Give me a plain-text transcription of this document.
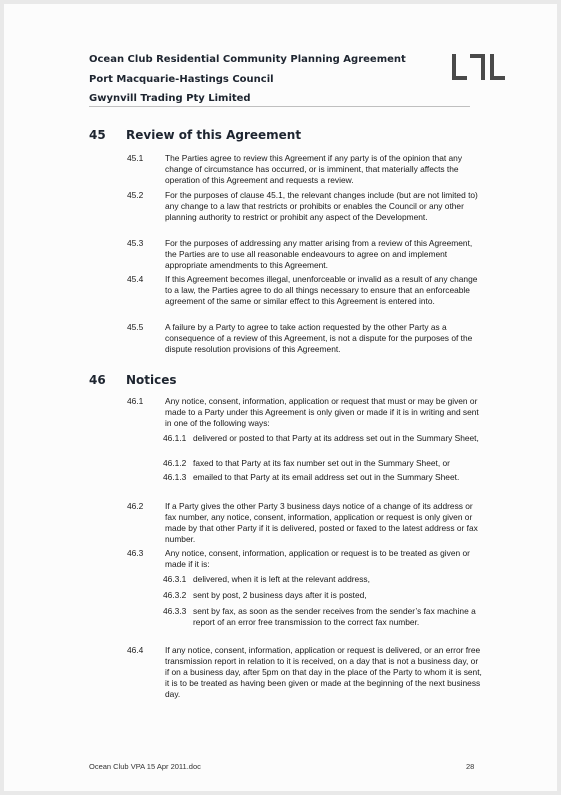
Ocean Club Residential Community Planning Agreement
Port Macquarie-Hastings Council
Gwynvill Trading Pty Limited
45 Review of this Agreement
45.1	The Parties agree to review this Agreement if any party is of the opinion that any change of circumstance has occurred, or is imminent, that materially affects the operation of this Agreement and requests a review.
45.2	For the purposes of clause 45.1, the relevant changes include (but are not limited to) any change to a law that restricts or prohibits or enables the Council or any other planning authority to restrict or prohibit any aspect of the Development.
45.3	For the purposes of addressing any matter arising from a review of this Agreement, the Parties are to use all reasonable endeavours to agree on and implement appropriate amendments to this Agreement.
45.4	If this Agreement becomes illegal, unenforceable or invalid as a result of any change to a law, the Parties agree to do all things necessary to ensure that an enforceable agreement of the same or similar effect to this Agreement is entered into.
45.5	A failure by a Party to agree to take action requested by the other Party as a consequence of a review of this Agreement, is not a dispute for the purposes of the dispute resolution provisions of this Agreement.
46 Notices
46.1	Any notice, consent, information, application or request that must or may be given or made to a Party under this Agreement is only given or made if it is in writing and sent in one of the following ways:
46.1.1 delivered or posted to that Party at its address set out in the Summary Sheet,
46.1.2 faxed to that Party at its fax number set out in the Summary Sheet, or
46.1.3 emailed to that Party at its email address set out in the Summary Sheet.
46.2	If a Party gives the other Party 3 business days notice of a change of its address or fax number, any notice, consent, information, application or request is only given or made by that other Party if it is delivered, posted or faxed to the latest address or fax number.
46.3	Any notice, consent, information, application or request is to be treated as given or made if it is:
46.3.1 delivered, when it is left at the relevant address,
46.3.2 sent by post, 2 business days after it is posted,
46.3.3 sent by fax, as soon as the sender receives from the sender’s fax machine a report of an error free transmission to the correct fax number.
46.4	If any notice, consent, information, application or request is delivered, or an error free transmission report in relation to it is received, on a day that is not a business day, or if on a business day, after 5pm on that day in the place of the Party to whom it is sent, it is to be treated as having been given or made at the beginning of the next business day.
Ocean Club VPA 15 Apr 2011.doc	28
